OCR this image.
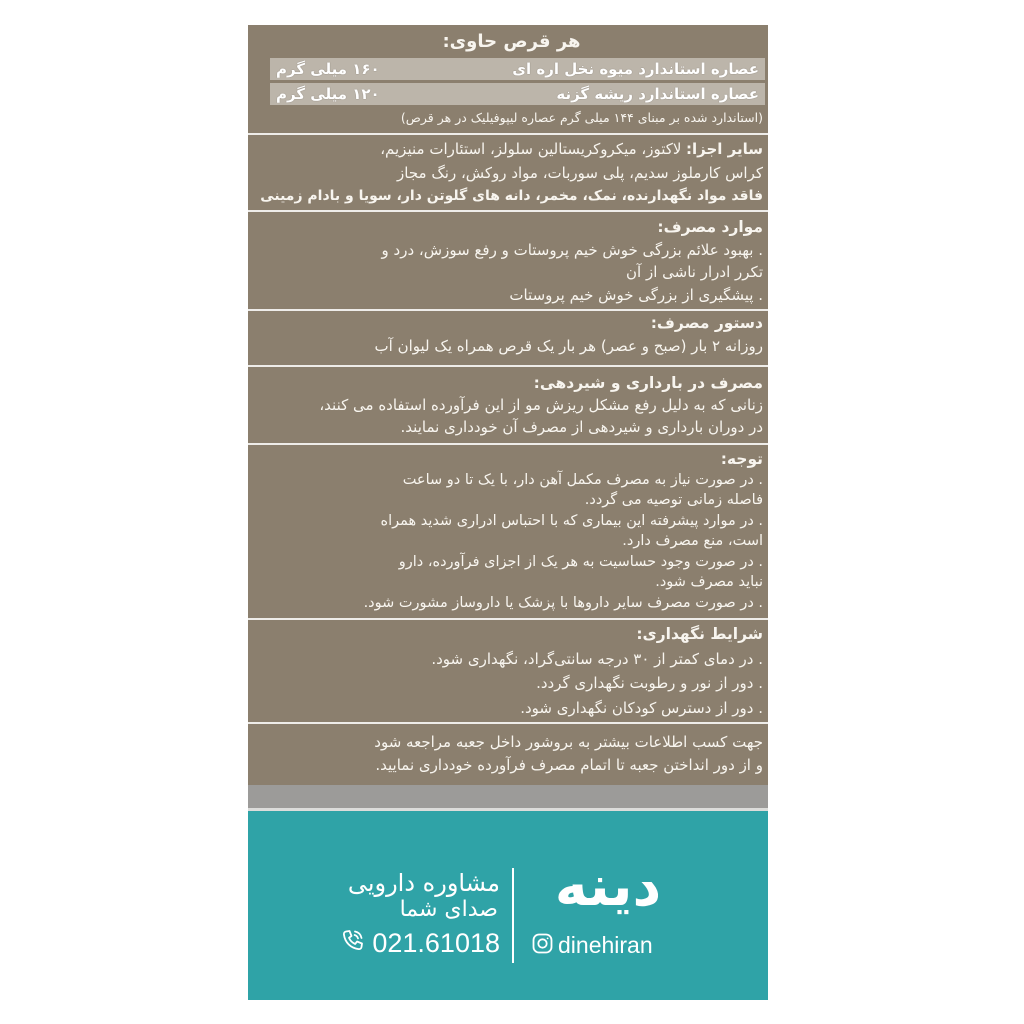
هر قرص حاوی:
عصاره استاندارد میوه نخل اره ای
۱۶۰ میلی گرم
عصاره استاندارد ریشه گزنه
۱۲۰ میلی گرم
(استاندارد شده بر مبنای ۱۴۴ میلی گرم عصاره لیپوفیلیک در هر قرص)
سایر اجزا:لاکتوز، میکروکریستالین سلولز، استئارات منیزیم،
کراس کارملوز سدیم، پلی سوربات، مواد روکش، رنگ مجاز
فاقد مواد نگهدارنده، نمک، مخمر، دانه های گلوتن دار، سویا و بادام زمینی
موارد مصرف:
. بهبود علائم بزرگی خوش خیم پروستات و رفع سوزش، درد و
تکرر ادرار ناشی از آن
. پیشگیری از بزرگی خوش خیم پروستات
دستور مصرف:
روزانه ۲ بار (صبح و عصر) هر بار یک قرص همراه یک لیوان آب
مصرف در بارداری و شیردهی:
زنانی که به دلیل رفع مشکل ریزش مو از این فرآورده استفاده می کنند،
در دوران بارداری و شیردهی از مصرف آن خودداری نمایند.
توجه:
. در صورت نیاز به مصرف مکمل آهن دار، با یک تا دو ساعت
فاصله زمانی توصیه می گردد.
. در موارد پیشرفته این بیماری که با احتباس ادراری شدید همراه
است، منع مصرف دارد.
. در صورت وجود حساسیت به هر یک از اجزای فرآورده، دارو
نباید مصرف شود.
. در صورت مصرف سایر داروها با پزشک یا داروساز مشورت شود.
شرایط نگهداری:
. در دمای کمتر از ۳۰ درجه سانتی‌گراد، نگهداری شود.
. دور از نور و رطوبت نگهداری گردد.
. دور از دسترس کودکان نگهداری شود.
جهت کسب اطلاعات بیشتر به بروشور داخل جعبه مراجعه شود
و از دور انداختن جعبه تا اتمام مصرف فرآورده خودداری نمایید.
مشاوره دارویی
صدای شما
021.61018
دینه
dinehiran
